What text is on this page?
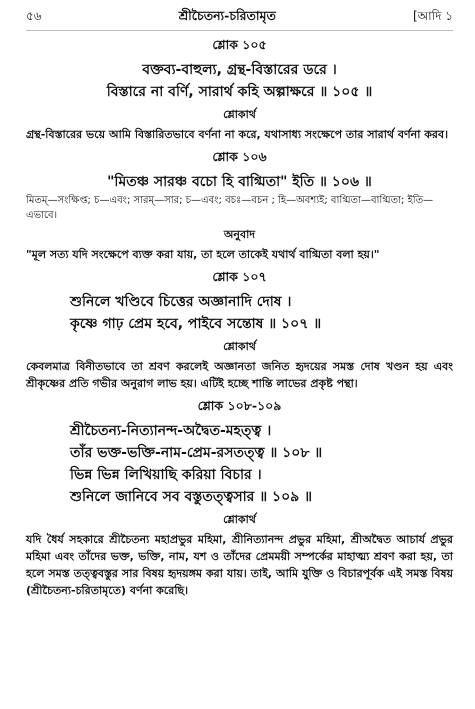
৫৬	শ্রীচৈতন্য-চরিতামৃত	[আদি ১
শ্লোক ১০৫
বক্তব্য-বাহুল্য, গ্রন্থ-বিস্তারের ডরে ।
বিস্তারে না বর্ণি, সারার্থ কহি অল্পাক্ষরে ॥ ১০৫ ॥
শ্লোকার্থ
গ্রন্থ-বিস্তারের ভয়ে আমি বিস্তারিতভাবে বর্ণনা না করে, যথাসাধ্য সংক্ষেপে তার সারার্থ বর্ণনা করব।
শ্লোক ১০৬
"মিতঞ্চ সারঞ্চ বচো হি বাগ্মিতা" ইতি ॥ ১০৬ ॥
মিতম্—সংক্ষিপ্ত; চ—এবং; সারম্—সার; চ—এবং; বচঃ—বচন ; হি—অবশ্যই; বাগ্মিতা—বাগ্মিতা; ইতি—এভাবে।
অনুবাদ
"মূল সত্য যদি সংক্ষেপে ব্যক্ত করা যায়, তা হলে তাকেই যথার্থ বাগ্মিতা বলা হয়।"
শ্লোক ১০৭
শুনিলে খণ্ডিবে চিত্তের অজ্ঞানাদি দোষ ।
কৃষ্ণে গাঢ় প্রেম হবে, পাইবে সন্তোষ ॥ ১০৭ ॥
শ্লোকার্থ
কেবলমাত্র বিনীতভাবে তা শ্রবণ করলেই অজ্ঞানতা জনিত হৃদয়ের সমস্ত দোষ খণ্ডন হয় এবং শ্রীকৃষ্ণের প্রতি গভীর অনুরাগ লাভ হয়। এটিই হচ্ছে শান্তি লাভের প্রকৃষ্ট পন্থা।
শ্লোক ১০৮-১০৯
শ্রীচৈতন্য-নিত্যানন্দ-অদ্বৈত-মহত্ত্ব ।
তাঁর ভক্ত-ভক্তি-নাম-প্রেম-রসতত্ত্ব ॥ ১০৮ ॥
ভিন্ন ভিন্ন লিখিয়াছি করিয়া বিচার ।
শুনিলে জানিবে সব বস্তুতত্ত্বসার ॥ ১০৯ ॥
শ্লোকার্থ
যদি ধৈর্য সহকারে শ্রীচৈতন্য মহাপ্রভুর মহিমা, শ্রীনিত্যানন্দ প্রভুর মহিমা, শ্রীঅদ্বৈত আচার্য প্রভুর মহিমা এবং তাঁদের ভক্ত, ভক্তি, নাম, যশ ও তাঁদের প্রেমময়ী সম্পর্কের মাহাত্ম্য শ্রবণ করা হয়, তা হলে সমস্ত তত্ত্ববস্তুর সার বিষয় হৃদয়ঙ্গম করা যায়। তাই, আমি যুক্তি ও বিচারপূর্বক এই সমস্ত বিষয় (শ্রীচৈতন্য-চরিতামৃতে) বর্ণনা করেছি।
